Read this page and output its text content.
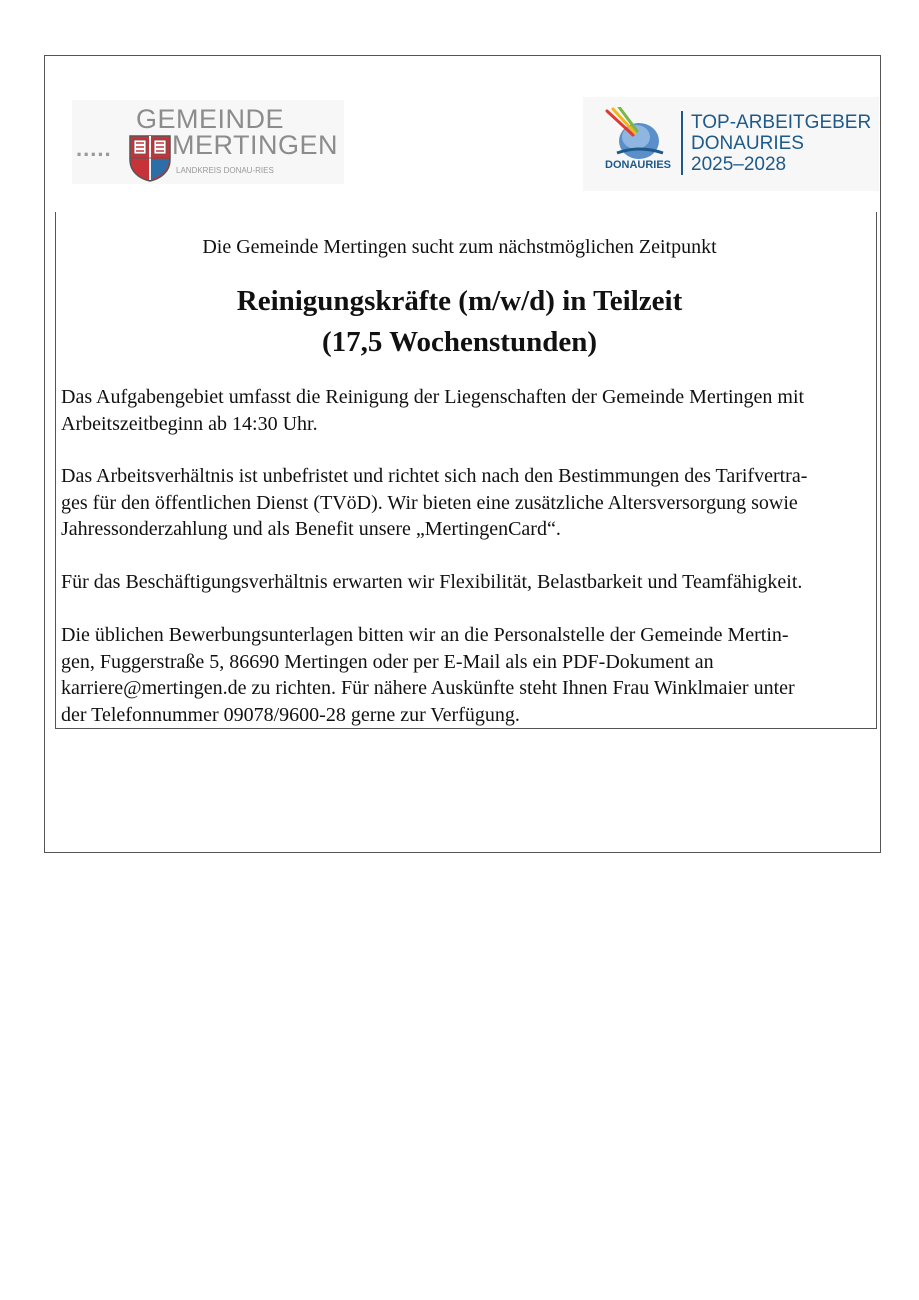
.....
GEMEINDE
MERTINGEN
LANDKREIS DONAU-RIES	DONAURIES
TOP-ARBEITGEBER
DONAURIES
2025–2028
Die Gemeinde Mertingen sucht zum nächstmöglichen Zeitpunkt
Reinigungskräfte (m/w/d) in Teilzeit
(17,5 Wochenstunden)
Das Aufgabengebiet umfasst die Reinigung der Liegenschaften der Gemeinde Mertingen mit
Arbeitszeitbeginn ab 14:30 Uhr.
Das Arbeitsverhältnis ist unbefristet und richtet sich nach den Bestimmungen des Tarifvertra-
ges für den öffentlichen Dienst (TVöD). Wir bieten eine zusätzliche Altersversorgung sowie
Jahressonderzahlung und als Benefit unsere „MertingenCard“.
Für das Beschäftigungsverhältnis erwarten wir Flexibilität, Belastbarkeit und Teamfähigkeit.
Die üblichen Bewerbungsunterlagen bitten wir an die Personalstelle der Gemeinde Mertin-
gen, Fuggerstraße 5, 86690 Mertingen oder per E-Mail als ein PDF-Dokument an
karriere@mertingen.de zu richten. Für nähere Auskünfte steht Ihnen Frau Winklmaier unter
der Telefonnummer 09078/9600-28 gerne zur Verfügung.
